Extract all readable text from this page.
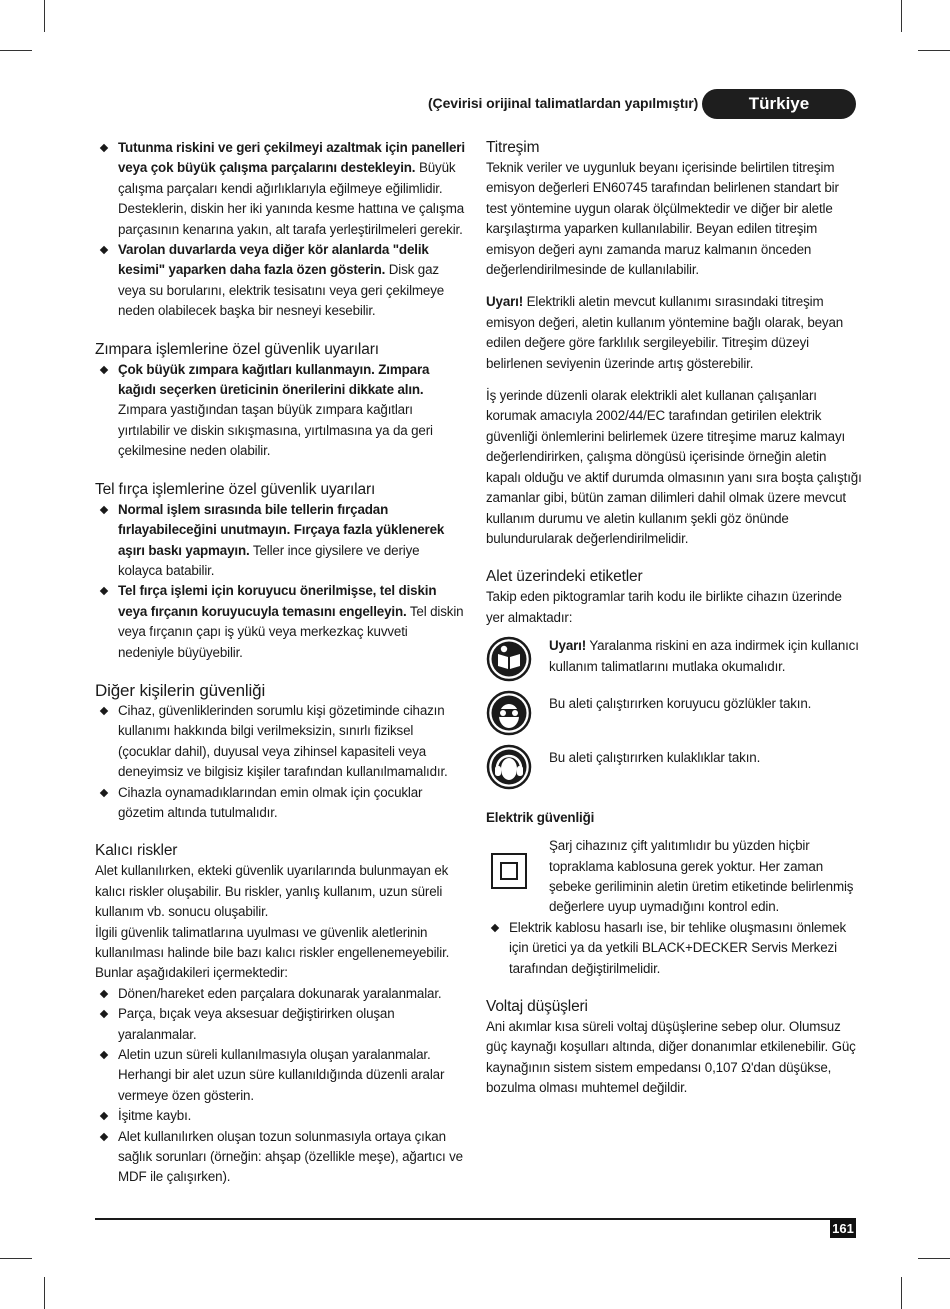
(Çevirisi orijinal talimatlardan yapılmıştır)	Türkiye

Tutunma riskini ve geri çekilmeyi azaltmak için panelleri veya çok büyük çalışma parçalarını destekleyin. Büyük çalışma parçaları kendi ağırlıklarıyla eğilmeye eğilimlidir. Desteklerin, diskin her iki yanında kesme hattına ve çalışma parçasının kenarına yakın, alt tarafa yerleştirilmeleri gerekir.

Varolan duvarlarda veya diğer kör alanlarda "delik kesimi" yaparken daha fazla özen gösterin. Disk gaz veya su borularını, elektrik tesisatını veya geri çekilmeye neden olabilecek başka bir nesneyi kesebilir.

Zımpara işlemlerine özel güvenlik uyarıları

Çok büyük zımpara kağıtları kullanmayın. Zımpara kağıdı seçerken üreticinin önerilerini dikkate alın. Zımpara yastığından taşan büyük zımpara kağıtları yırtılabilir ve diskin sıkışmasına, yırtılmasına ya da geri çekilmesine neden olabilir.

Tel fırça işlemlerine özel güvenlik uyarıları

Normal işlem sırasında bile tellerin fırçadan fırlayabileceğini unutmayın. Fırçaya fazla yüklenerek aşırı baskı yapmayın. Teller ince giysilere ve deriye kolayca batabilir.

Tel fırça işlemi için koruyucu önerilmişse, tel diskin veya fırçanın koruyucuyla temasını engelleyin. Tel diskin veya fırçanın çapı iş yükü veya merkezkaç kuvveti nedeniyle büyüyebilir.

Diğer kişilerin güvenliği

Cihaz, güvenliklerinden sorumlu kişi gözetiminde cihazın kullanımı hakkında bilgi verilmeksizin, sınırlı fiziksel (çocuklar dahil), duyusal veya zihinsel kapasiteli veya deneyimsiz ve bilgisiz kişiler tarafından kullanılmamalıdır.

Cihazla oynamadıklarından emin olmak için çocuklar gözetim altında tutulmalıdır.

Kalıcı riskler

Alet kullanılırken, ekteki güvenlik uyarılarında bulunmayan ek kalıcı riskler oluşabilir. Bu riskler, yanlış kullanım, uzun süreli kullanım vb. sonucu oluşabilir.

İlgili güvenlik talimatlarına uyulması ve güvenlik aletlerinin kullanılması halinde bile bazı kalıcı riskler engellenemeyebilir. Bunlar aşağıdakileri içermektedir:

Dönen/hareket eden parçalara dokunarak yaralanmalar.

Parça, bıçak veya aksesuar değiştirirken oluşan yaralanmalar.

Aletin uzun süreli kullanılmasıyla oluşan yaralanmalar. Herhangi bir alet uzun süre kullanıldığında düzenli aralar vermeye özen gösterin.

İşitme kaybı.

Alet kullanılırken oluşan tozun solunmasıyla ortaya çıkan sağlık sorunları (örneğin: ahşap (özellikle meşe), ağartıcı ve MDF ile çalışırken).

Titreşim

Teknik veriler ve uygunluk beyanı içerisinde belirtilen titreşim emisyon değerleri EN60745 tarafından belirlenen standart bir test yöntemine uygun olarak ölçülmektedir ve diğer bir aletle karşılaştırma yaparken kullanılabilir. Beyan edilen titreşim emisyon değeri aynı zamanda maruz kalmanın önceden değerlendirilmesinde de kullanılabilir.

Uyarı! Elektrikli aletin mevcut kullanımı sırasındaki titreşim emisyon değeri, aletin kullanım yöntemine bağlı olarak, beyan edilen değere göre farklılık sergileyebilir. Titreşim düzeyi belirlenen seviyenin üzerinde artış gösterebilir.

İş yerinde düzenli olarak elektrikli alet kullanan çalışanları korumak amacıyla 2002/44/EC tarafından getirilen elektrik güvenliği önlemlerini belirlemek üzere titreşime maruz kalmayı değerlendirirken, çalışma döngüsü içerisinde örneğin aletin kapalı olduğu ve aktif durumda olmasının yanı sıra boşta çalıştığı zamanlar gibi, bütün zaman dilimleri dahil olmak üzere mevcut kullanım durumu ve aletin kullanım şekli göz önünde bulundurularak değerlendirilmelidir.

Alet üzerindeki etiketler

Takip eden piktogramlar tarih kodu ile birlikte cihazın üzerinde yer almaktadır:

Uyarı! Yaralanma riskini en aza indirmek için kullanıcı kullanım talimatlarını mutlaka okumalıdır.

Bu aleti çalıştırırken koruyucu gözlükler takın.

Bu aleti çalıştırırken kulaklıklar takın.

Elektrik güvenliği

Şarj cihazınız çift yalıtımlıdır bu yüzden hiçbir topraklama kablosuna gerek yoktur. Her zaman şebeke geriliminin aletin üretim etiketinde belirlenmiş değerlere uyup uymadığını kontrol edin.

Elektrik kablosu hasarlı ise, bir tehlike oluşmasını önlemek için üretici ya da yetkili BLACK+DECKER Servis Merkezi tarafından değiştirilmelidir.

Voltaj düşüşleri

Ani akımlar kısa süreli voltaj düşüşlerine sebep olur. Olumsuz güç kaynağı koşulları altında, diğer donanımlar etkilenebilir. Güç kaynağının sistem sistem empedansı 0,107 Ω'dan düşükse, bozulma olması muhtemel değildir.

161
